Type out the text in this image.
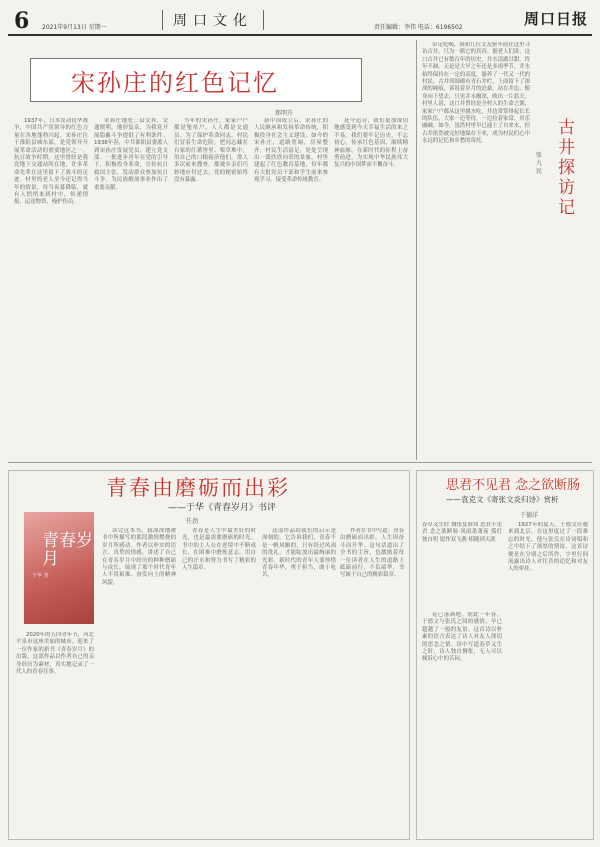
6 2021年9月13日 星期一	周口文化	责任编辑：李伟 电话：6196502	周口日报
宋孙庄的红色记忆
郑明升

1937年，日本发动侵华战争，中国共产党领导的红色力量在各地蓬勃兴起。宋孙庄位于淮阳县城东部，是党领导开展革命活动的重要地区之一。抗日战争时期，这里曾经是我党地下交通站所在地，许多革命先辈在这里留下了战斗的足迹。村里的老人至今还记得当年的情景，每当夜幕降临，就有人悄悄来到村中，传递情报，运送物资，掩护伤员。

宋孙庄地处三县交界，交通便利，地形复杂，为我党开展隐蔽斗争提供了有利条件。1938年春，中共淮阳县委派人到宋孙庄发展党员，建立党支部。一批进步青年在党的引导下，积极投身革命，宣传抗日救国主张，发动群众参加抗日斗争，为民族解放事业作出了重要贡献。

当年的宋孙庄，家家户户都是堡垒户，人人都是交通员。为了保护革命同志，村民们冒着生命危险，把同志藏在自家的红薯窖里、柴草堆中，用自己的口粮接济他们。敌人多次前来搜查，都被乡亲们巧妙地应付过去，党的秘密始终没有暴露。

新中国成立后，宋孙庄的人民继承和发扬革命传统，积极投身社会主义建设。如今的宋孙庄，道路宽阔，房屋整齐，村民生活富足，处处呈现出一派欣欣向荣的景象。村里建起了红色教育基地，每年都有大批党员干部和学生前来参观学习，接受革命传统教育。

抚今追昔，我们更加深切地感受到今天幸福生活的来之不易。我们要牢记历史，不忘初心，传承红色基因，赓续精神血脉，在新时代的征程上奋勇前进，为实现中华民族伟大复兴的中国梦而不懈奋斗。

带足吃喝，我和几位文友驱车前往这里寻访古井，只为一睹它的真容。据老人们讲，这口古井已有数百年的历史，井水清澈甘甜，终年不涸。无论是大旱之年还是多雨季节，井水始终保持在一定的高度，滋养了一代又一代的村民。古井周围砌有青石井栏，上面留下了深深的绳痕，诉说着岁月的沧桑。站在井边，俯身向下望去，只见井水幽深，映出一片蓝天。村里人说，这口井曾经是全村人的生命之源，家家户户都从这里挑水吃，井边常常排起长长的队伍，大家一边等待，一边拉着家常，其乐融融。如今，虽然村里早已通上了自来水，但古井依然被完好地保存下来，成为村民们心中永远的记忆和乡愁的寄托。

古井探访记
张九民
青春由磨砺而出彩
——于华《青春岁月》书评
任劲
青春岁月
于华 著

2020年的五四青年节，河北平泉市这座美丽的城市，迎来了一位作家的新书《青春岁月》的出版。这部作品以作者自己的亲身经历为素材，真实地记录了一代人的青春往事。

读完这本书，我深深地被书中所描写的那段激情燃烧的岁月所感动。作者以朴实的语言、真挚的情感，讲述了自己在青春岁月中经历的种种磨砺与成长，展现了那个时代青年人不畏艰难、奋发向上的精神风貌。

青春是人生中最美好的时光，也是最需要磨砺的时光。书中的主人公在逆境中不断成长，在困难中磨炼意志，用自己的汗水和努力书写了精彩的人生篇章。

这部作品给我们的启示是深刻的。它告诉我们，青春不是一帆风顺的，只有经过风雨的洗礼，才能绽放出最绚丽的光彩。新时代的青年人要珍惜青春年华，勇于担当，敢于吃苦。

作者在书中写道：青春由磨砺而出彩，人生因奋斗而升华。这句话道出了全书的主旨，也激励着每一位读者在人生的道路上砥砺前行，不负韶华，书写属于自己的精彩篇章。

思君不见君 念之欲断肠
——袁克文《寄张文炎归诗》赏析
于德洋

春草又生时 惆怅复谁知 思君不见君 念之欲断肠 风雨萧萧夜 孤灯独自明 愿作双飞燕 相随到天涯

花已落满地，别此一年春。于德文与张氏之间的感情，早已超越了一般的友谊。这首诗以朴素的语言表达了诗人对友人深切的思念之情。诗中写道春草又生之时，诗人独自惆怅，无人可以倾诉心中的苦闷。

1927年的夏天，于德文应邀来到北京，在这里度过了一段难忘的时光。他与张氏在诗词唱和之中结下了深厚的情谊，这首诗便是在分别之后所作，字里行间流露出诗人对往昔的追忆和对友人的牵挂。
